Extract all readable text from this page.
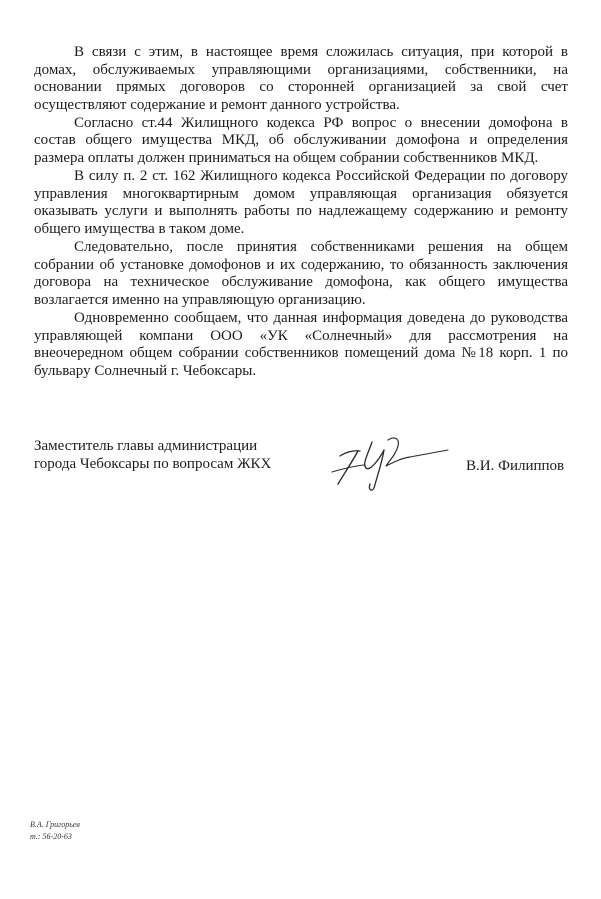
В связи с этим, в настоящее время сложилась ситуация, при которой в домах, обслуживаемых управляющими организациями, собственники, на основании прямых договоров со сторонней организацией за свой счет осуществляют содержание и ремонт данного устройства.

Согласно ст.44 Жилищного кодекса РФ вопрос о внесении домофона в состав общего имущества МКД, об обслуживании домофона и определения размера оплаты должен приниматься на общем собрании собственников МКД.

В силу п. 2 ст. 162 Жилищного кодекса Российской Федерации по договору управления многоквартирным домом управляющая организация обязуется оказывать услуги и выполнять работы по надлежащему содержанию и ремонту общего имущества в таком доме.

Следовательно, после принятия собственниками решения на общем собрании об установке домофонов и их содержанию, то обязанность заключения договора на техническое обслуживание домофона, как общего имущества возлагается именно на управляющую организацию.

Одновременно сообщаем, что данная информация доведена до руководства управляющей компани ООО «УК «Солнечный» для рассмотрения на внеочередном общем собрании собственников помещений дома №18 корп. 1 по бульвару Солнечный г. Чебоксары.

Заместитель главы администрации
города Чебоксары по вопросам ЖКХ	В.И. Филиппов
В.А. Григорьев
т.: 56-20-63
